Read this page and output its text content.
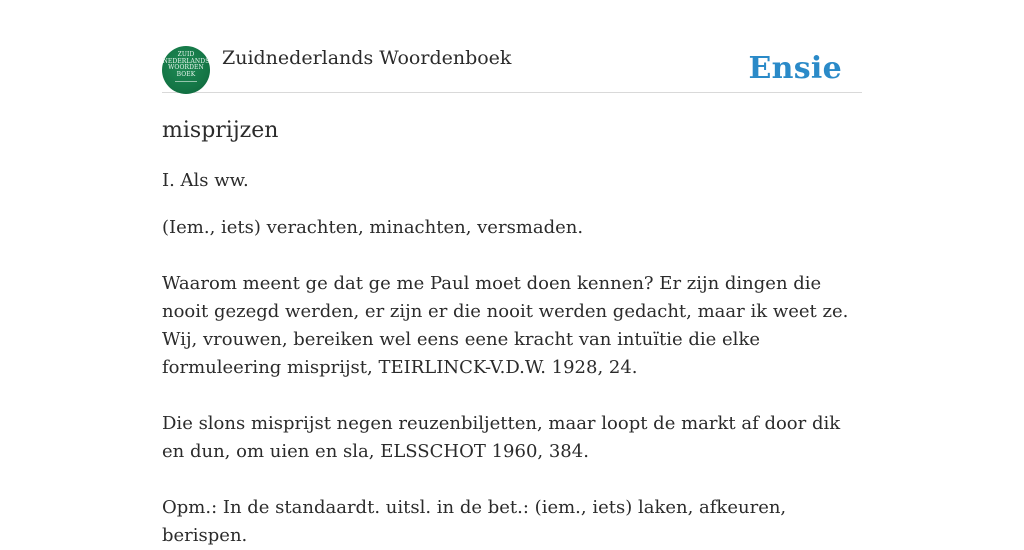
ZUID
NEDERLANDS
WOORDEN
BOEK
Zuidnederlands Woordenboek	Ensie
misprijzen

I. Als ww.

(Iem., iets) verachten, minachten, versmaden.

Waarom meent ge dat ge me Paul moet doen kennen? Er zijn dingen die nooit gezegd werden, er zijn er die nooit werden gedacht, maar ik weet ze. Wij, vrouwen, bereiken wel eens eene kracht van intuïtie die elke formuleering misprijst, TEIRLINCK-V.D.W. 1928, 24.

Die slons misprijst negen reuzenbiljetten, maar loopt de markt af door dik en dun, om uien en sla, ELSSCHOT 1960, 384.

Opm.: In de standaardt. uitsl. in de bet.: (iem., iets) laken, afkeuren, berispen.
